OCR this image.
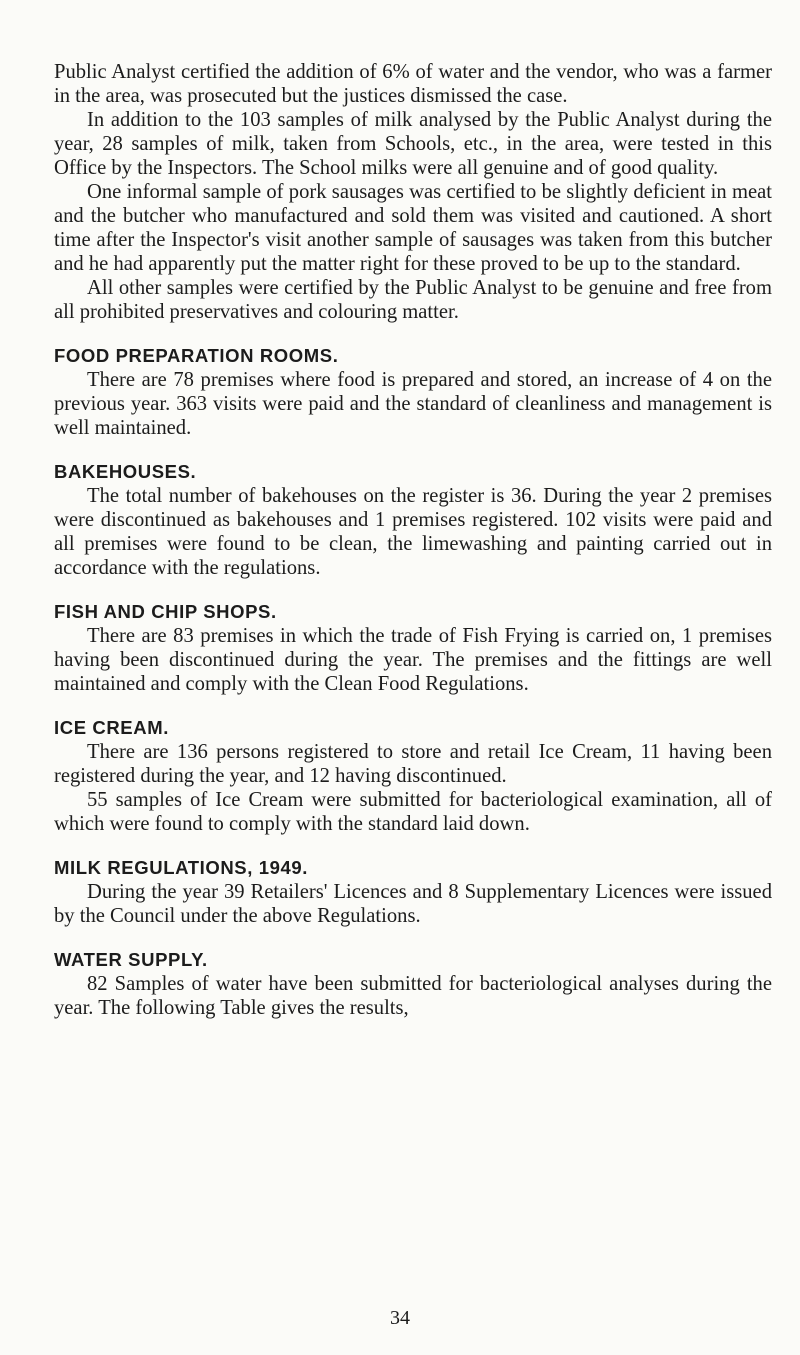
Public Analyst certified the addition of 6% of water and the vendor, who was a farmer in the area, was prosecuted but the justices dismissed the case.

In addition to the 103 samples of milk analysed by the Public Analyst during the year, 28 samples of milk, taken from Schools, etc., in the area, were tested in this Office by the Inspectors. The School milks were all genuine and of good quality.

One informal sample of pork sausages was certified to be slightly deficient in meat and the butcher who manufactured and sold them was visited and cautioned. A short time after the Inspector's visit another sample of sausages was taken from this butcher and he had apparently put the matter right for these proved to be up to the standard.

All other samples were certified by the Public Analyst to be genuine and free from all prohibited preservatives and colouring matter.

FOOD PREPARATION ROOMS.

There are 78 premises where food is prepared and stored, an increase of 4 on the previous year. 363 visits were paid and the standard of cleanliness and management is well maintained.

BAKEHOUSES.

The total number of bakehouses on the register is 36. During the year 2 premises were discontinued as bakehouses and 1 premises registered. 102 visits were paid and all premises were found to be clean, the limewashing and painting carried out in accordance with the regulations.

FISH AND CHIP SHOPS.

There are 83 premises in which the trade of Fish Frying is carried on, 1 premises having been discontinued during the year. The premises and the fittings are well maintained and comply with the Clean Food Regulations.

ICE CREAM.

There are 136 persons registered to store and retail Ice Cream, 11 having been registered during the year, and 12 having discontinued.

55 samples of Ice Cream were submitted for bacteriological examination, all of which were found to comply with the standard laid down.

MILK REGULATIONS, 1949.

During the year 39 Retailers' Licences and 8 Supplementary Licences were issued by the Council under the above Regulations.

WATER SUPPLY.

82 Samples of water have been submitted for bacteriological analyses during the year. The following Table gives the results,

34
